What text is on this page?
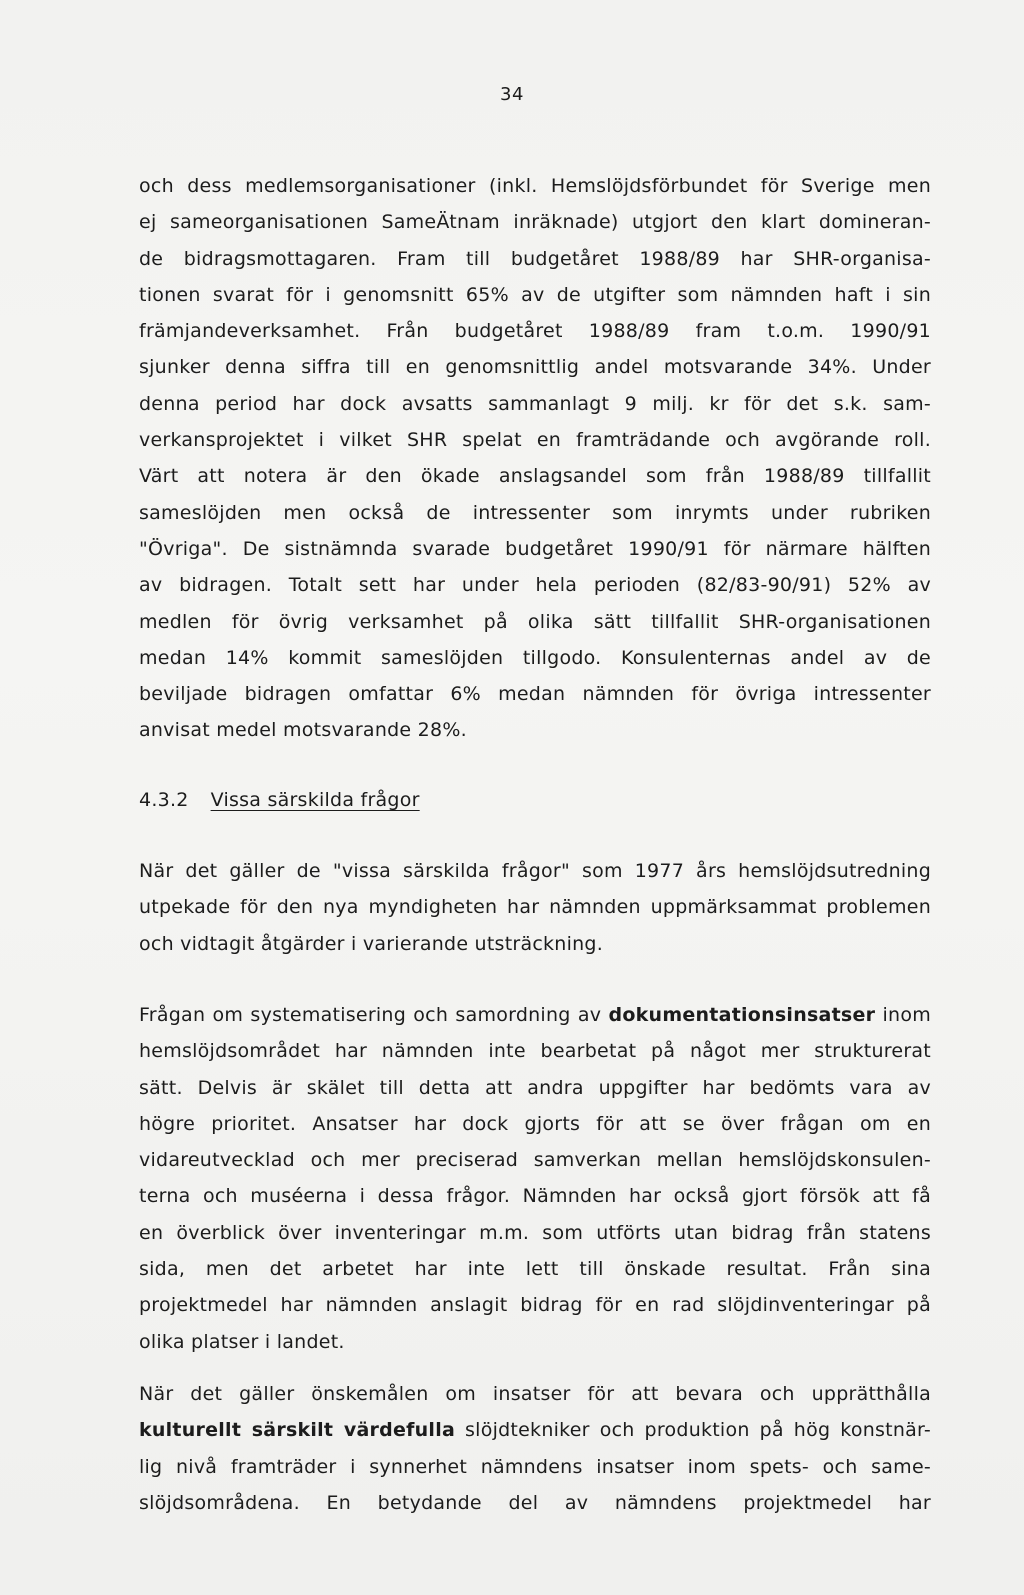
34
och dess medlemsorganisationer (inkl. Hemslöjdsförbundet för Sverige men
ej sameorganisationen SameÄtnam inräknade) utgjort den klart domineran-
de bidragsmottagaren. Fram till budgetåret 1988/89 har SHR-organisa-
tionen svarat för i genomsnitt 65% av de utgifter som nämnden haft i sin
främjandeverksamhet. Från budgetåret 1988/89 fram t.o.m. 1990/91
sjunker denna siffra till en genomsnittlig andel motsvarande 34%. Under
denna period har dock avsatts sammanlagt 9 milj. kr för det s.k. sam-
verkansprojektet i vilket SHR spelat en framträdande och avgörande roll.
Värt att notera är den ökade anslagsandel som från 1988/89 tillfallit
sameslöjden men också de intressenter som inrymts under rubriken
"Övriga". De sistnämnda svarade budgetåret 1990/91 för närmare hälften
av bidragen. Totalt sett har under hela perioden (82/83-90/91) 52% av
medlen för övrig verksamhet på olika sätt tillfallit SHR-organisationen
medan 14% kommit sameslöjden tillgodo. Konsulenternas andel av de
beviljade bidragen omfattar 6% medan nämnden för övriga intressenter
anvisat medel motsvarande 28%.
4.3.2 Vissa särskilda frågor
När det gäller de "vissa särskilda frågor" som 1977 års hemslöjdsutredning
utpekade för den nya myndigheten har nämnden uppmärksammat problemen
och vidtagit åtgärder i varierande utsträckning.
Frågan om systematisering och samordning av dokumentationsinsatser inom
hemslöjdsområdet har nämnden inte bearbetat på något mer strukturerat
sätt. Delvis är skälet till detta att andra uppgifter har bedömts vara av
högre prioritet. Ansatser har dock gjorts för att se över frågan om en
vidareutvecklad och mer preciserad samverkan mellan hemslöjdskonsulen-
terna och muséerna i dessa frågor. Nämnden har också gjort försök att få
en överblick över inventeringar m.m. som utförts utan bidrag från statens
sida, men det arbetet har inte lett till önskade resultat. Från sina
projektmedel har nämnden anslagit bidrag för en rad slöjdinventeringar på
olika platser i landet.
När det gäller önskemålen om insatser för att bevara och upprätthålla
kulturellt särskilt värdefulla slöjdtekniker och produktion på hög konstnär-
lig nivå framträder i synnerhet nämndens insatser inom spets- och same-
slöjdsområdena. En betydande del av nämndens projektmedel har
